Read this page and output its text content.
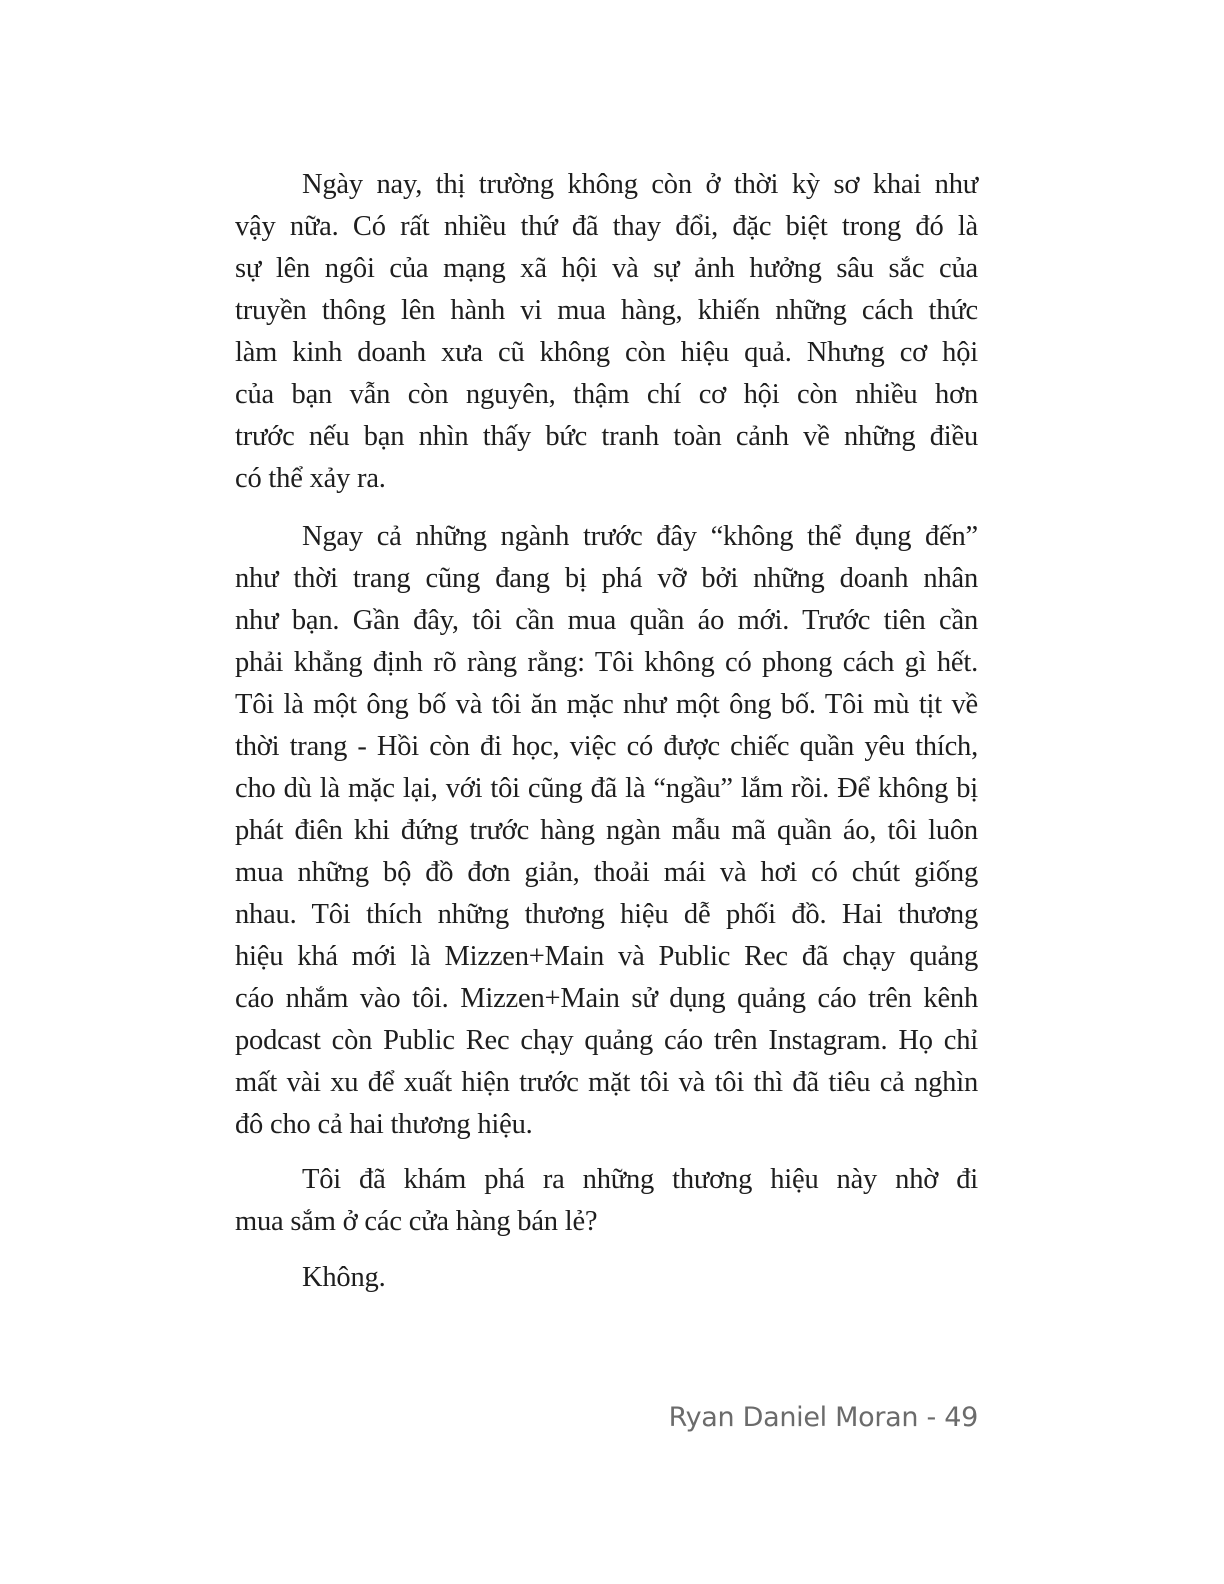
Ngày nay, thị trường không còn ở thời kỳ sơ khai như
vậy nữa. Có rất nhiều thứ đã thay đổi, đặc biệt trong đó là
sự lên ngôi của mạng xã hội và sự ảnh hưởng sâu sắc của
truyền thông lên hành vi mua hàng, khiến những cách thức
làm kinh doanh xưa cũ không còn hiệu quả. Nhưng cơ hội
của bạn vẫn còn nguyên, thậm chí cơ hội còn nhiều hơn
trước nếu bạn nhìn thấy bức tranh toàn cảnh về những điều
có thể xảy ra.
Ngay cả những ngành trước đây “không thể đụng đến”
như thời trang cũng đang bị phá vỡ bởi những doanh nhân
như bạn. Gần đây, tôi cần mua quần áo mới. Trước tiên cần
phải khẳng định rõ ràng rằng: Tôi không có phong cách gì hết.
Tôi là một ông bố và tôi ăn mặc như một ông bố. Tôi mù tịt về
thời trang - Hồi còn đi học, việc có được chiếc quần yêu thích,
cho dù là mặc lại, với tôi cũng đã là “ngầu” lắm rồi. Để không bị
phát điên khi đứng trước hàng ngàn mẫu mã quần áo, tôi luôn
mua những bộ đồ đơn giản, thoải mái và hơi có chút giống
nhau. Tôi thích những thương hiệu dễ phối đồ. Hai thương
hiệu khá mới là Mizzen+Main và Public Rec đã chạy quảng
cáo nhắm vào tôi. Mizzen+Main sử dụng quảng cáo trên kênh
podcast còn Public Rec chạy quảng cáo trên Instagram. Họ chỉ
mất vài xu để xuất hiện trước mặt tôi và tôi thì đã tiêu cả nghìn
đô cho cả hai thương hiệu.
Tôi đã khám phá ra những thương hiệu này nhờ đi
mua sắm ở các cửa hàng bán lẻ?
Không.
Ryan Daniel Moran - 49
